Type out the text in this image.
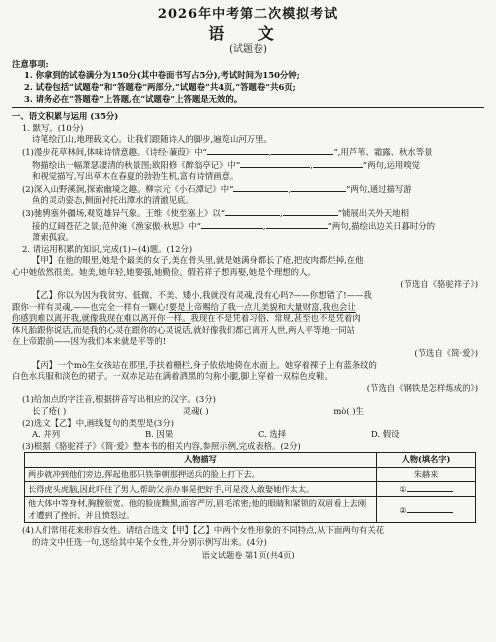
2026年中考第二次模拟考试
语 文
(试题卷)
注意事项:
1. 你拿到的试卷满分为150分(其中卷面书写占5分),考试时间为150分钟;
2. 试卷包括“试题卷”和“答题卷”两部分,“试题卷”共4页,“答题卷”共6页;
3. 请务必在“答题卷”上答题,在“试题卷”上答题是无效的。
一、语文积累与运用 (35分)
1. 默写。(10分)
诗笔绘江山,地理载文心。让我们跟随诗人的脚步,遍览山河万里。
(1)漫步花草林间,体味诗情意趣。《诗经·蒹葭》中“	,	”,用芦苇、霜露、秋水等景
物描绘出一幅萧瑟凄清的秋景图;欧阳修《醉翁亭记》中“	,	”两句,运用嗅觉
和视觉描写,写出草木在春夏的勃勃生机,富有诗情画意。
(2)深入山野溪涧,探索幽境之趣。柳宗元《小石潭记》中“	,	”两句,通过描写游
鱼的灵动姿态,侧面衬托出潭水的清澈见底。
(3)驰骋塞外疆场,观览雄异气象。王维《使至塞上》以“	,	”铺展出关外天地相
接的辽阔苍茫之景;范仲淹《渔家傲·秋思》中“	,	”两句,描绘出边关日暮时分的
萧索孤寂。
2. 请运用积累的知识,完成(1)~(4)题。(12分)
【甲】在他的眼里,她是个最美的女子,美在骨头里,就是她满身都长了疮,把皮肉都烂掉,在他
心中她依然很美。她美,她年轻,她要强,她勤俭。假若祥子想再娶,她是个理想的人。
(节选自《骆驼祥子》)
【乙】你以为因为我贫穷、低微、不美、矮小,我就没有灵魂,没有心吗?——你想错了!——我
跟你一样有灵魂,——也完全一样有一颗心!要是上帝赐给了我一点儿美貌和大量财富,我也会让
你感到难以离开我,就像我现在难以离开你一样。我现在不是凭着习俗、常规,甚至也不是凭着肉
体凡胎跟你说话,而是我的心灵在跟你的心灵说话,就好像我们都已离开人世,两人平等地一同站
在上帝跟前——因为我们本来就是平等的!
(节选自《简·爱》)
【丙】一个mò生女孩站在那里,手扶着栅栏,身子依依地倚在水面上。她穿着裸子上有蓝条纹的
白色水兵服和淡色的裙子。一双赤足站在满着洒黑的匀称小腿,脚上穿着一双棕色皮鞋。
(节选自《钢铁是怎样炼成的》)
(1)给加点的字注音,根据拼音写出相应的汉字。(3分)
长了疮( )	灵魂( )	mò( )生
(2)选文【乙】中,画线复句的类型是(3分)
A. 并列	B. 因果	C. 选择	D. 假设
(3)根据《骆驼祥子》《简·爱》整本书的相关内容,参照示例,完成表格。(2分)
人物描写	人物(填名字)
两步就冲到他们旁边,挥起他那只铁拳朝那押送兵的脸上打下去。	朱赫来
长得虎头虎脑,因此吓住了男人,帮助父亲办事是把好手,可是没人敢娶她作太太。	①
他大体中等身材,胸膛很宽。他的脸庞黝黑,面容严厉,眉毛浓密;他的眼睛和紧锁的双眉看上去刚才遭到了挫折、并且愤怒过。	②
(4)人们常用花来形容女性。请结合选文【甲】【乙】中两个女性形象的不同特点,从下面两句有关花
的诗文中任选一句,送给其中某个女性,并分别示例写出来。(4分)
语文试题卷 第1页(共4页)
